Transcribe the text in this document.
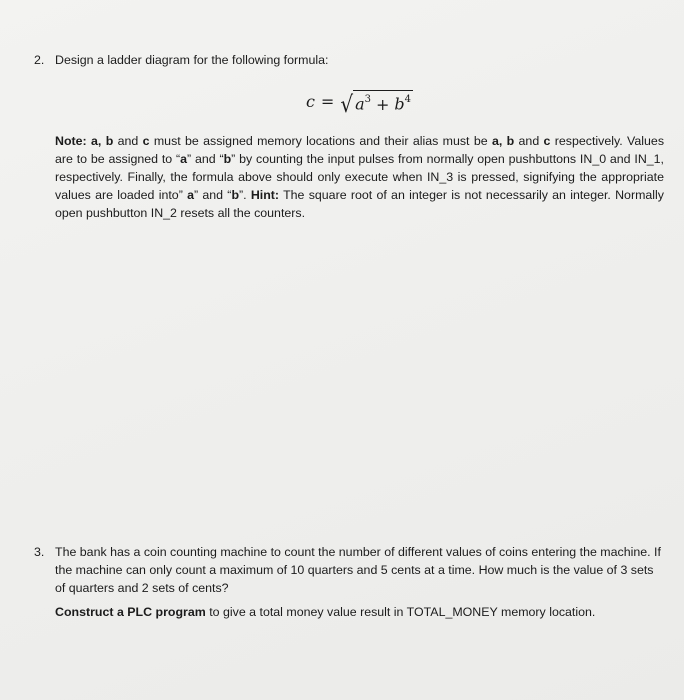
2. Design a ladder diagram for the following formula:
c = √ $a^3 + b^4$
Note: a, b and c must be assigned memory locations and their alias must be a, b and c respectively. Values are to be assigned to “a” and “b” by counting the input pulses from normally open pushbuttons IN_0 and IN_1, respectively. Finally, the formula above should only execute when IN_3 is pressed, signifying the appropriate values are loaded into” a” and “b”. Hint: The square root of an integer is not necessarily an integer. Normally open pushbutton IN_2 resets all the counters.
3. The bank has a coin counting machine to count the number of different values of coins entering the machine. If the machine can only count a maximum of 10 quarters and 5 cents at a time. How much is the value of 3 sets of quarters and 2 sets of cents?
Construct a PLC program to give a total money value result in TOTAL_MONEY memory location.
